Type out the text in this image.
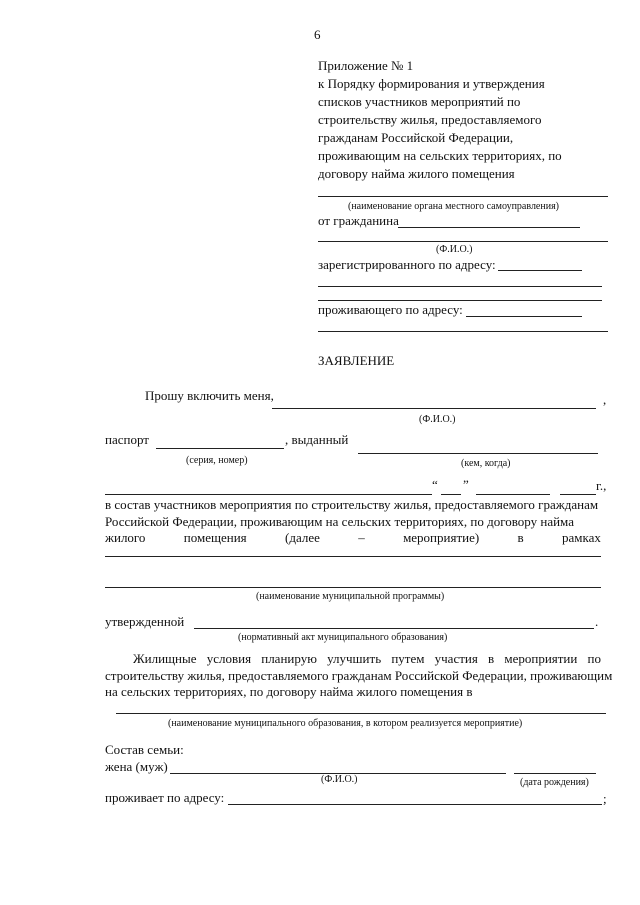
6
Приложение № 1
к Порядку формирования и утверждения
списков участников мероприятий по
строительству жилья, предоставляемого
гражданам Российской Федерации,
проживающим на сельских территориях, по
договору найма жилого помещения
(наименование органа местного самоуправления)
от гражданина
(Ф.И.О.)
зарегистрированного по адресу:
проживающего по адресу:
ЗАЯВЛЕНИЕ
Прошу включить меня,	,
(Ф.И.О.)
паспорт	, выданный
(серия, номер)	(кем, когда)
“ ”	г.,
в состав участников мероприятия по строительству жилья, предоставляемого гражданам
Российской Федерации, проживающим на сельских территориях, по договору найма
жилого	помещения	(далее	–	мероприятие)	в	рамках
(наименование муниципальной программы)
утвержденной	.
(нормативный акт муниципального образования)
Жилищные условия планирую улучшить путем участия в мероприятии по
строительству жилья, предоставляемого гражданам Российской Федерации, проживающим
на сельских территориях, по договору найма жилого помещения в
(наименование муниципального образования, в котором реализуется мероприятие)
Состав семьи:
жена (муж)
(Ф.И.О.)	(дата рождения)
проживает по адресу:	;
